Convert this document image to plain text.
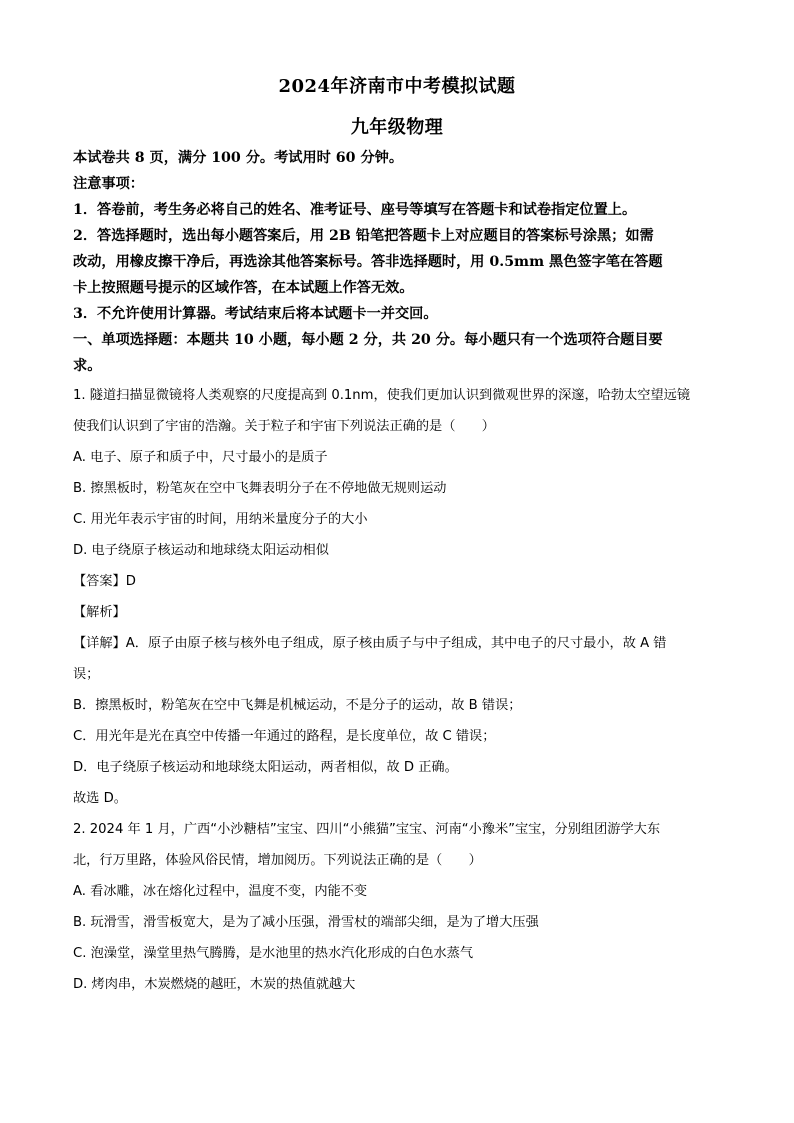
2024年济南市中考模拟试题
九年级物理
本试卷共 8 页，满分 100 分。考试用时 60 分钟。
注意事项：
1．答卷前，考生务必将自己的姓名、准考证号、座号等填写在答题卡和试卷指定位置上。
2．答选择题时，选出每小题答案后，用 2B 铅笔把答题卡上对应题目的答案标号涂黑；如需
改动，用橡皮擦干净后，再选涂其他答案标号。答非选择题时，用 0.5mm 黑色签字笔在答题
卡上按照题号提示的区域作答，在本试题上作答无效。
3．不允许使用计算器。考试结束后将本试题卡一并交回。
一、单项选择题：本题共 10 小题，每小题 2 分，共 20 分。每小题只有一个选项符合题目要
求。
1. 隧道扫描显微镜将人类观察的尺度提高到 0.1nm，使我们更加认识到微观世界的深邃，哈勃太空望远镜
使我们认识到了宇宙的浩瀚。关于粒子和宇宙下列说法正确的是（　　）
A. 电子、原子和质子中，尺寸最小的是质子
B. 擦黑板时，粉笔灰在空中飞舞表明分子在不停地做无规则运动
C. 用光年表示宇宙的时间，用纳米量度分子的大小
D. 电子绕原子核运动和地球绕太阳运动相似
【答案】D
【解析】
【详解】A．原子由原子核与核外电子组成，原子核由质子与中子组成，其中电子的尺寸最小，故 A 错
误；
B．擦黑板时，粉笔灰在空中飞舞是机械运动，不是分子的运动，故 B 错误；
C．用光年是光在真空中传播一年通过的路程，是长度单位，故 C 错误；
D．电子绕原子核运动和地球绕太阳运动，两者相似，故 D 正确。
故选 D。
2. 2024 年 1 月，广西“小沙糖桔”宝宝、四川“小熊猫”宝宝、河南“小豫米”宝宝，分别组团游学大东
北，行万里路，体验风俗民情，增加阅历。下列说法正确的是（　　）
A. 看冰雕，冰在熔化过程中，温度不变，内能不变
B. 玩滑雪，滑雪板宽大，是为了减小压强，滑雪杖的端部尖细，是为了增大压强
C. 泡澡堂，澡堂里热气腾腾，是水池里的热水汽化形成的白色水蒸气
D. 烤肉串，木炭燃烧的越旺，木炭的热值就越大
